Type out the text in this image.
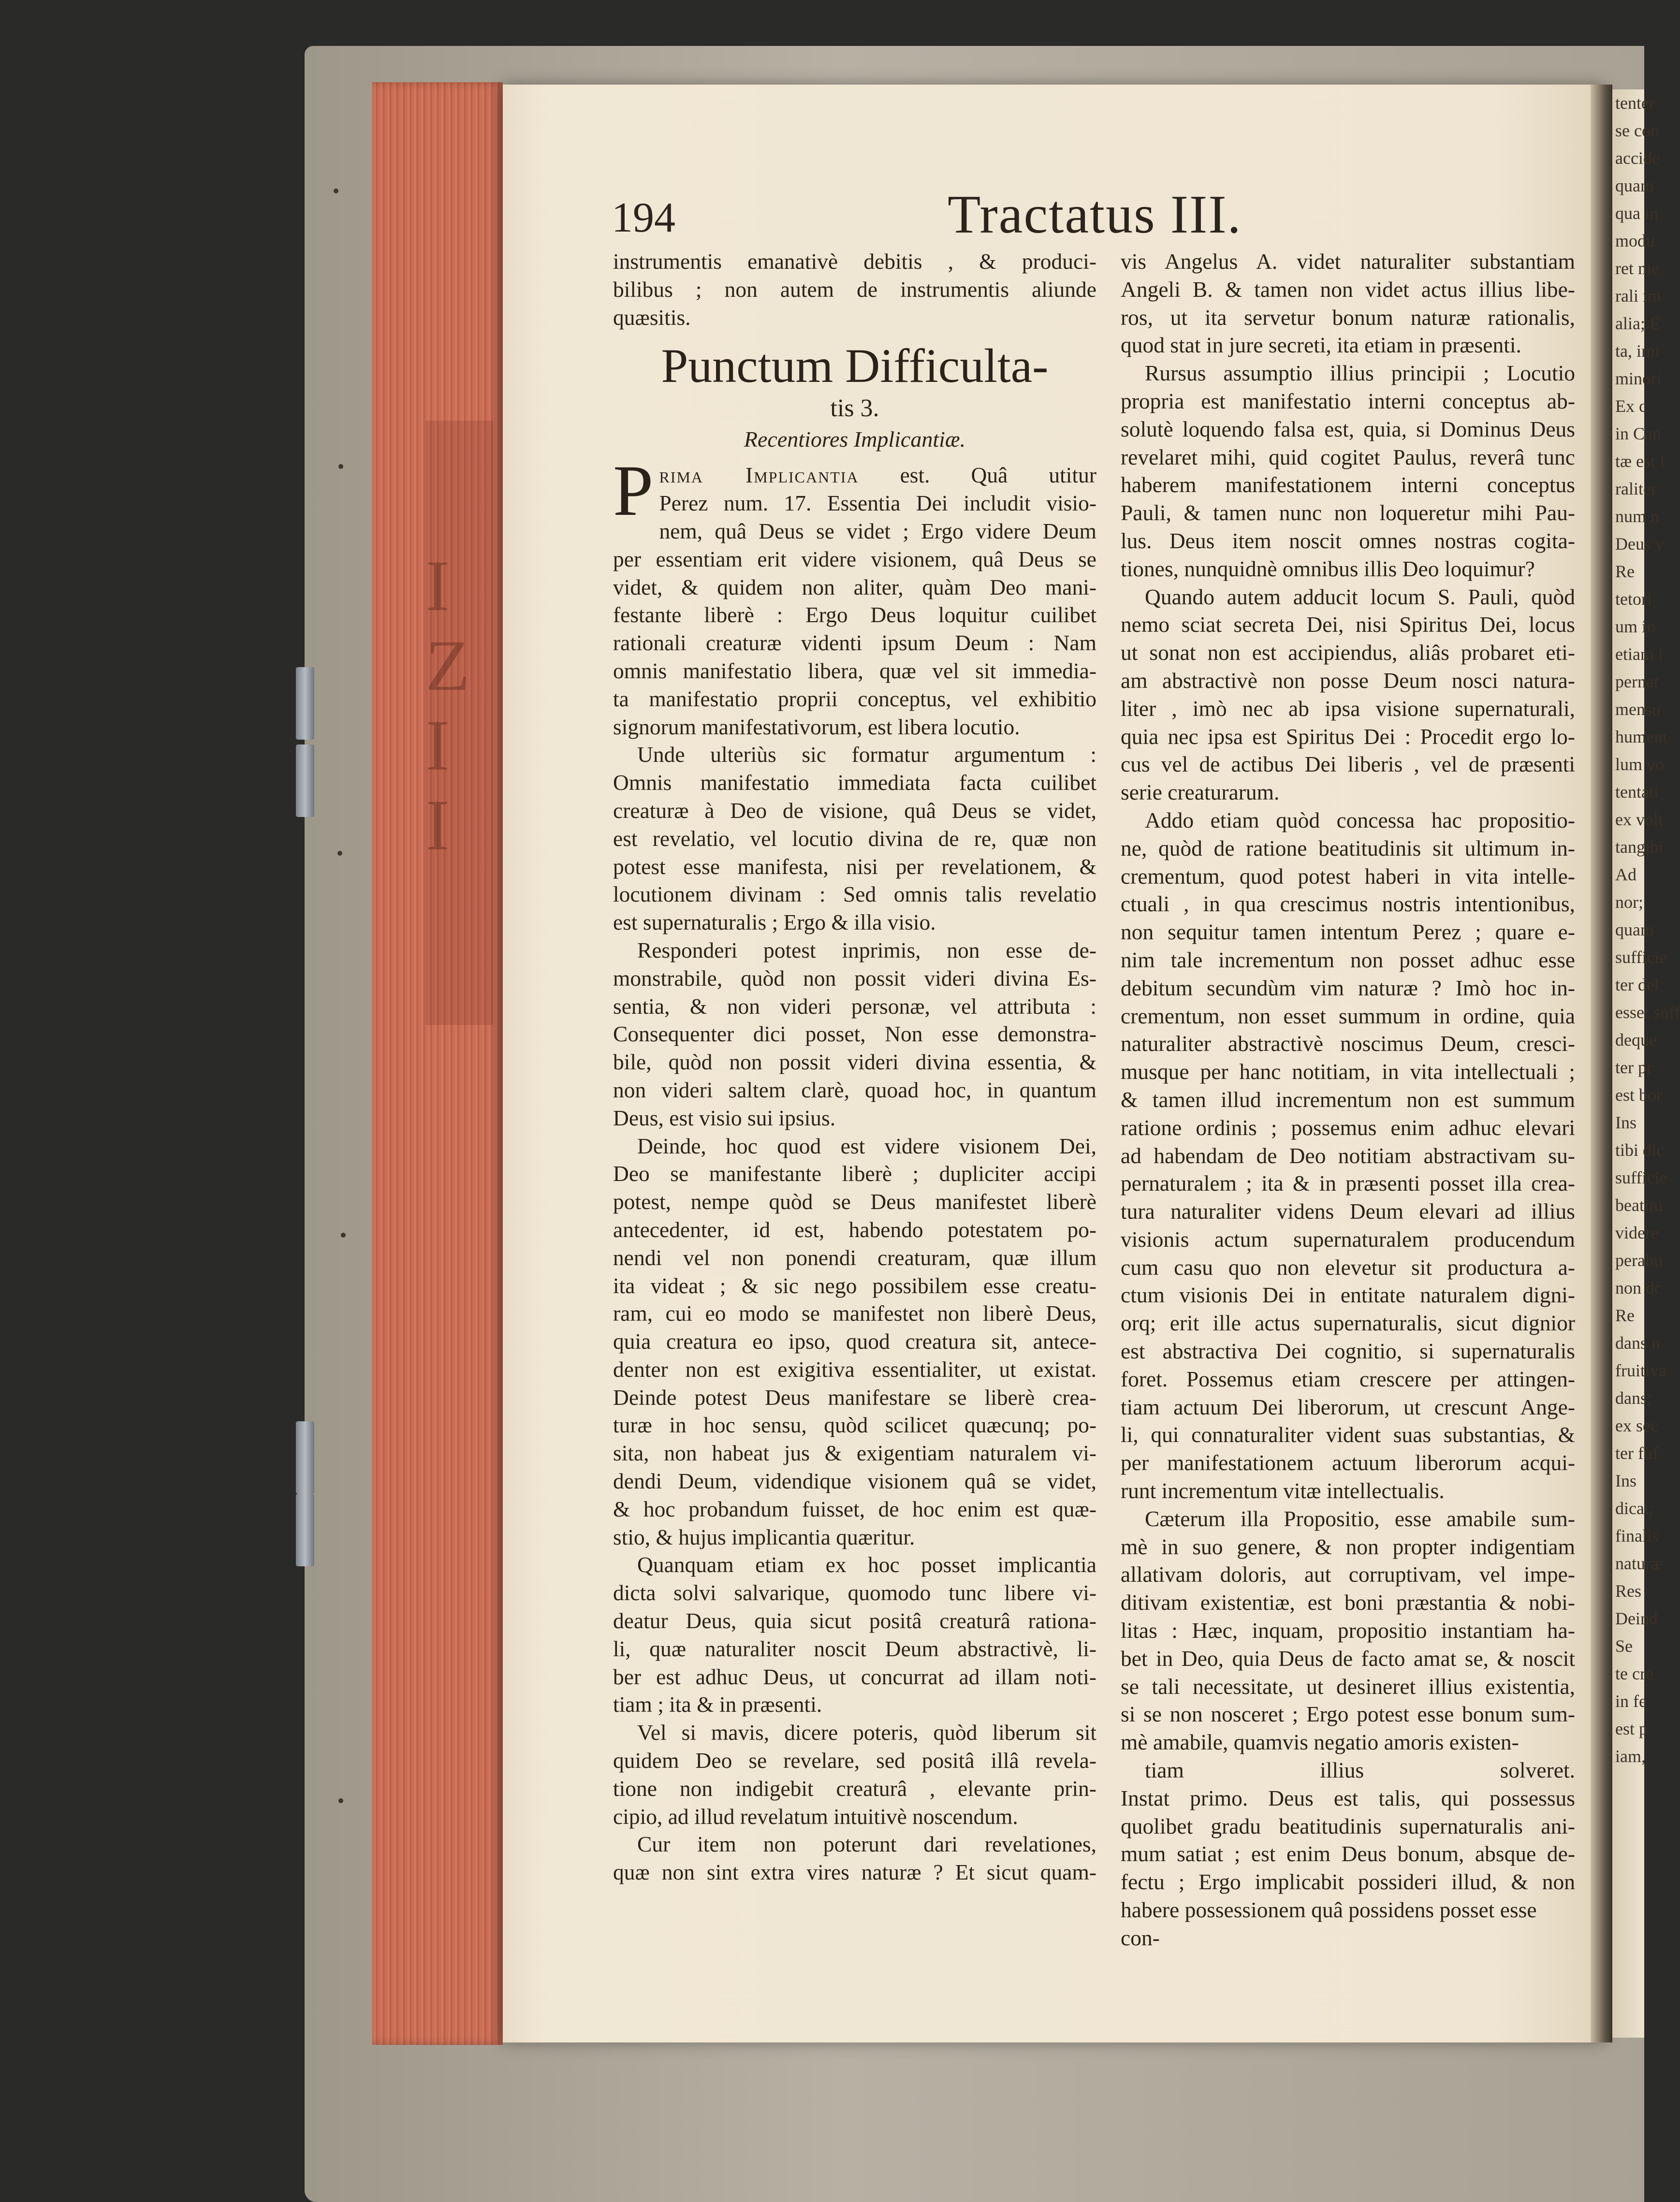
I
Z
I
I
tenter
se con
accide
quam
qua in
modu
ret me
rali im
alia; E
ta, imi
minori
Ex c
in Can
tæ est f
raliter
num n
Deus v
Re
tetori
um in
etiam i
pernat
mensu
hument
lum vo
tentati
ex volt
tangibi
Ad
nor;
quam
sufficie
ter del
esset suff
deque
ter pr
est bor
Ins
tibi dic
sufficie
beatitu
videre
perabu
non dc
Re
dans n
fruitiva
dans;
ex sec
ter fuf
Ins
dicat;
finalis
naturæ
Res
Deind
Se
te cre
in fe
est p
iam,
194	Tractatus III.
instrumentis emanativè debitis , & produci-
bilibus ; non autem de instrumentis aliunde
quæsitis.
Punctum Difficulta-
tis 3.
Recentiores Implicantiæ.
P rima Implicantia est. Quâ utitur
Perez num. 17. Essentia Dei includit visio-
nem, quâ Deus se videt ; Ergo videre Deum
per essentiam erit videre visionem, quâ Deus se
videt, & quidem non aliter, quàm Deo mani-
festante liberè : Ergo Deus loquitur cuilibet
rationali creaturæ videnti ipsum Deum : Nam
omnis manifestatio libera, quæ vel sit immedia-
ta manifestatio proprii conceptus, vel exhibitio
signorum manifestativorum, est libera locutio.
Unde ulteriùs sic formatur argumentum :
Omnis manifestatio immediata facta cuilibet
creaturæ à Deo de visione, quâ Deus se videt,
est revelatio, vel locutio divina de re, quæ non
potest esse manifesta, nisi per revelationem, &
locutionem divinam : Sed omnis talis revelatio
est supernaturalis ; Ergo & illa visio.
Responderi potest inprimis, non esse de-
monstrabile, quòd non possit videri divina Es-
sentia, & non videri personæ, vel attributa :
Consequenter dici posset, Non esse demonstra-
bile, quòd non possit videri divina essentia, &
non videri saltem clarè, quoad hoc, in quantum
Deus, est visio sui ipsius.
Deinde, hoc quod est videre visionem Dei,
Deo se manifestante liberè ; dupliciter accipi
potest, nempe quòd se Deus manifestet liberè
antecedenter, id est, habendo potestatem po-
nendi vel non ponendi creaturam, quæ illum
ita videat ; & sic nego possibilem esse creatu-
ram, cui eo modo se manifestet non liberè Deus,
quia creatura eo ipso, quod creatura sit, antece-
denter non est exigitiva essentialiter, ut existat.
Deinde potest Deus manifestare se liberè crea-
turæ in hoc sensu, quòd scilicet quæcunq; po-
sita, non habeat jus & exigentiam naturalem vi-
dendi Deum, videndique visionem quâ se videt,
& hoc probandum fuisset, de hoc enim est quæ-
stio, & hujus implicantia quæritur.
Quanquam etiam ex hoc posset implicantia
dicta solvi salvarique, quomodo tunc libere vi-
deatur Deus, quia sicut positâ creaturâ rationa-
li, quæ naturaliter noscit Deum abstractivè, li-
ber est adhuc Deus, ut concurrat ad illam noti-
tiam ; ita & in præsenti.
Vel si mavis, dicere poteris, quòd liberum sit
quidem Deo se revelare, sed positâ illâ revela-
tione non indigebit creaturâ , elevante prin-
cipio, ad illud revelatum intuitivè noscendum.
Cur item non poterunt dari revelationes,
quæ non sint extra vires naturæ ? Et sicut quam-
vis Angelus A. videt naturaliter substantiam
Angeli B. & tamen non videt actus illius libe-
ros, ut ita servetur bonum naturæ rationalis,
quod stat in jure secreti, ita etiam in præsenti.
Rursus assumptio illius principii ; Locutio
propria est manifestatio interni conceptus ab-
solutè loquendo falsa est, quia, si Dominus Deus
revelaret mihi, quid cogitet Paulus, reverâ tunc
haberem manifestationem interni conceptus
Pauli, & tamen nunc non loqueretur mihi Pau-
lus. Deus item noscit omnes nostras cogita-
tiones, nunquidnè omnibus illis Deo loquimur?
Quando autem adducit locum S. Pauli, quòd
nemo sciat secreta Dei, nisi Spiritus Dei, locus
ut sonat non est accipiendus, aliâs probaret eti-
am abstractivè non posse Deum nosci natura-
liter , imò nec ab ipsa visione supernaturali,
quia nec ipsa est Spiritus Dei : Procedit ergo lo-
cus vel de actibus Dei liberis , vel de præsenti
serie creaturarum.
Addo etiam quòd concessa hac propositio-
ne, quòd de ratione beatitudinis sit ultimum in-
crementum, quod potest haberi in vita intelle-
ctuali , in qua crescimus nostris intentionibus,
non sequitur tamen intentum Perez ; quare e-
nim tale incrementum non posset adhuc esse
debitum secundùm vim naturæ ? Imò hoc in-
crementum, non esset summum in ordine, quia
naturaliter abstractivè noscimus Deum, cresci-
musque per hanc notitiam, in vita intellectuali ;
& tamen illud incrementum non est summum
ratione ordinis ; possemus enim adhuc elevari
ad habendam de Deo notitiam abstractivam su-
pernaturalem ; ita & in præsenti posset illa crea-
tura naturaliter videns Deum elevari ad illius
visionis actum supernaturalem producendum
cum casu quo non elevetur sit productura a-
ctum visionis Dei in entitate naturalem digni-
orq; erit ille actus supernaturalis, sicut dignior
est abstractiva Dei cognitio, si supernaturalis
foret. Possemus etiam crescere per attingen-
tiam actuum Dei liberorum, ut crescunt Ange-
li, qui connaturaliter vident suas substantias, &
per manifestationem actuum liberorum acqui-
runt incrementum vitæ intellectualis.
Cæterum illa Propositio, esse amabile sum-
mè in suo genere, & non propter indigentiam
allativam doloris, aut corruptivam, vel impe-
ditivam existentiæ, est boni præstantia & nobi-
litas : Hæc, inquam, propositio instantiam ha-
bet in Deo, quia Deus de facto amat se, & noscit
se tali necessitate, ut desineret illius existentia,
si se non nosceret ; Ergo potest esse bonum sum-
mè amabile, quamvis negatio amoris existen-
tiam illius solveret.
Instat primo. Deus est talis, qui possessus
quolibet gradu beatitudinis supernaturalis ani-
mum satiat ; est enim Deus bonum, absque de-
fectu ; Ergo implicabit possideri illud, & non
habere possessionem quâ possidens posset esse
con-
